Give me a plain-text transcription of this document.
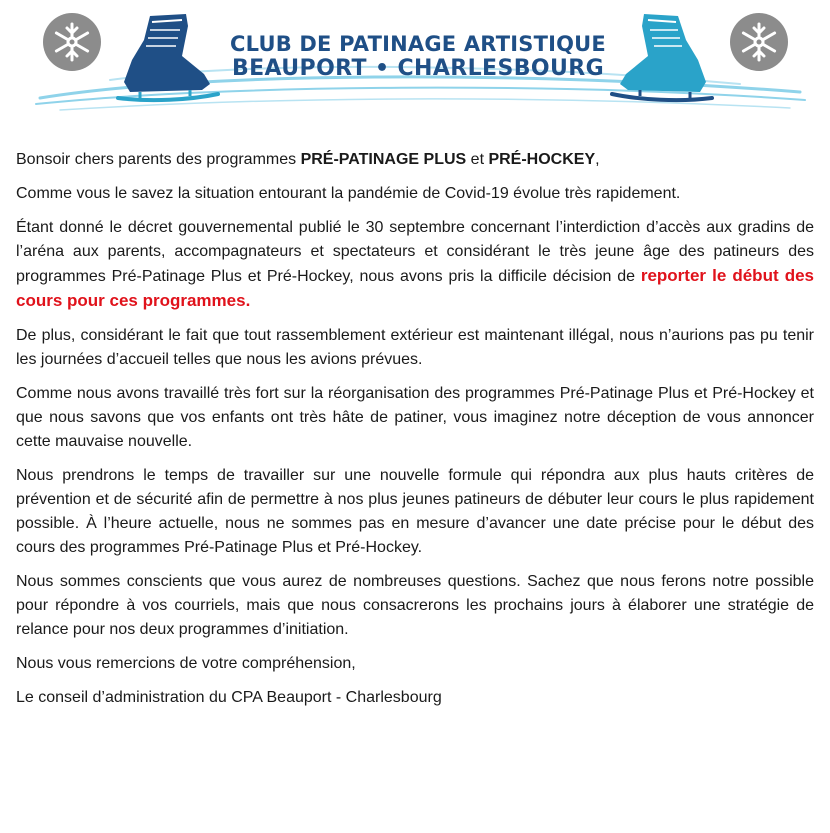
CLUB DE PATINAGE ARTISTIQUE
BEAUPORT • CHARLESBOURG

Bonsoir chers parents des programmes PRÉ-PATINAGE PLUS et PRÉ-HOCKEY,

Comme vous le savez la situation entourant la pandémie de Covid-19 évolue très rapidement.

Étant donné le décret gouvernemental publié le 30 septembre concernant l’interdiction d’accès aux gradins de l’aréna aux parents, accompagnateurs et spectateurs et considérant le très jeune âge des patineurs des programmes Pré-Patinage Plus et Pré-Hockey, nous avons pris la difficile décision de reporter le début des cours pour ces programmes.

De plus, considérant le fait que tout rassemblement extérieur est maintenant illégal, nous n’aurions pas pu tenir les journées d’accueil telles que nous les avions prévues.

Comme nous avons travaillé très fort sur la réorganisation des programmes Pré-Patinage Plus et Pré-Hockey et que nous savons que vos enfants ont très hâte de patiner, vous imaginez notre déception de vous annoncer cette mauvaise nouvelle.

Nous prendrons le temps de travailler sur une nouvelle formule qui répondra aux plus hauts critères de prévention et de sécurité afin de permettre à nos plus jeunes patineurs de débuter leur cours le plus rapidement possible. À l’heure actuelle, nous ne sommes pas en mesure d’avancer une date précise pour le début des cours des programmes Pré-Patinage Plus et Pré-Hockey.

Nous sommes conscients que vous aurez de nombreuses questions. Sachez que nous ferons notre possible pour répondre à vos courriels, mais que nous consacrerons les prochains jours à élaborer une stratégie de relance pour nos deux programmes d’initiation.

Nous vous remercions de votre compréhension,

Le conseil d’administration du CPA Beauport - Charlesbourg
